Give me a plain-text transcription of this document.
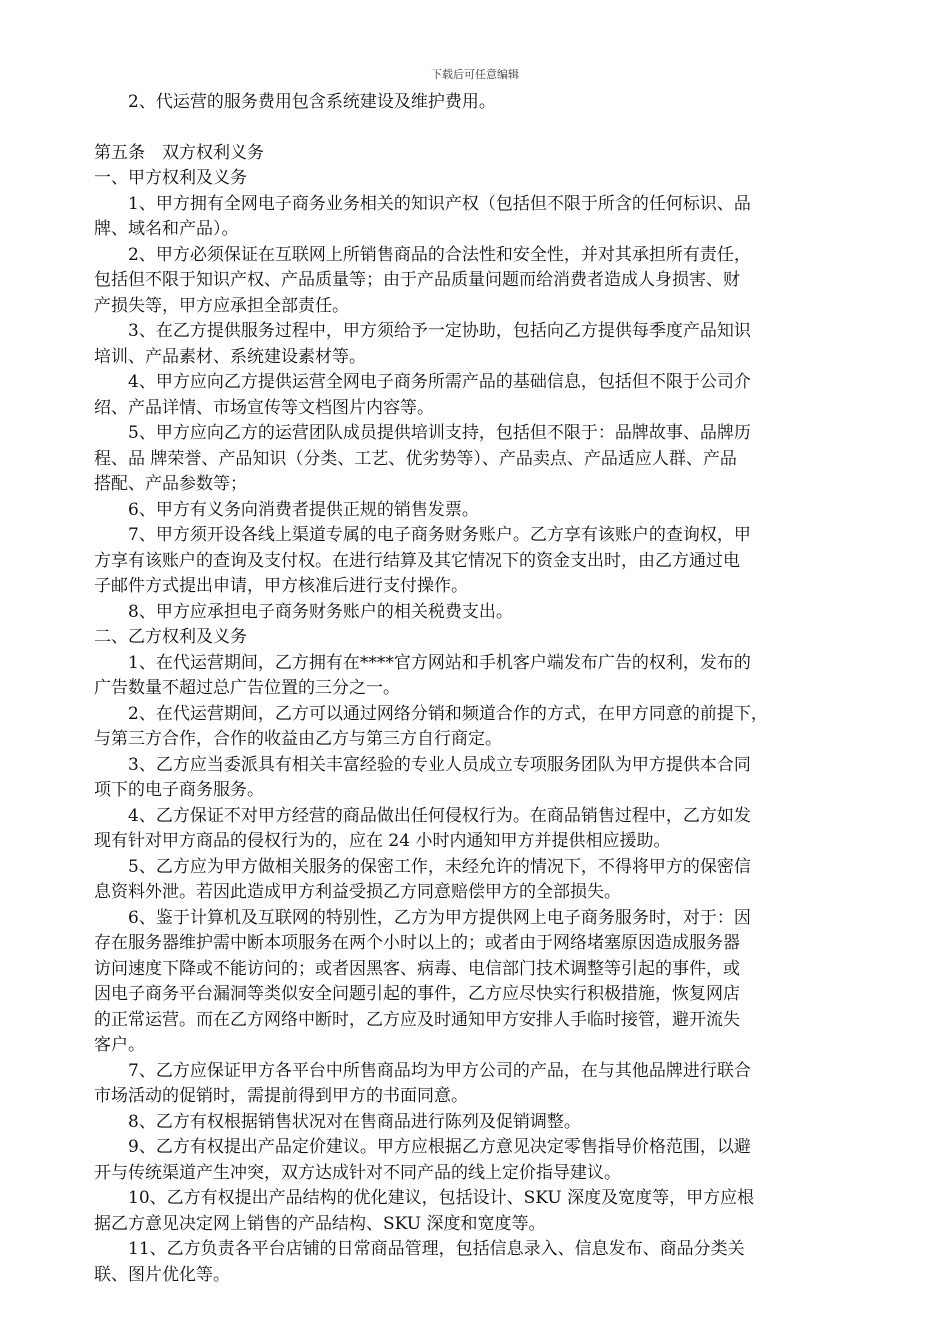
下载后可任意编辑
　　2、代运营的服务费用包含系统建设及维护费用。
第五条　双方权利义务
一、甲方权利及义务
　　1、甲方拥有全网电子商务业务相关的知识产权（包括但不限于所含的任何标识、品
牌、域名和产品）。
　　2、甲方必须保证在互联网上所销售商品的合法性和安全性，并对其承担所有责任，
包括但不限于知识产权、产品质量等；由于产品质量问题而给消费者造成人身损害、财
产损失等，甲方应承担全部责任。
　　3、在乙方提供服务过程中，甲方须给予一定协助，包括向乙方提供每季度产品知识
培训、产品素材、系统建设素材等。
　　4、甲方应向乙方提供运营全网电子商务所需产品的基础信息，包括但不限于公司介
绍、产品详情、市场宣传等文档图片内容等。
　　5、甲方应向乙方的运营团队成员提供培训支持，包括但不限于：品牌故事、品牌历
程、品 牌荣誉、产品知识（分类、工艺、优劣势等）、产品卖点、产品适应人群、产品
搭配、产品参数等；
　　6、甲方有义务向消费者提供正规的销售发票。
　　7、甲方须开设各线上渠道专属的电子商务财务账户。乙方享有该账户的查询权，甲
方享有该账户的查询及支付权。在进行结算及其它情况下的资金支出时，由乙方通过电
子邮件方式提出申请，甲方核准后进行支付操作。
　　8、甲方应承担电子商务财务账户的相关税费支出。
二、乙方权利及义务
　　1、在代运营期间，乙方拥有在****官方网站和手机客户端发布广告的权利，发布的
广告数量不超过总广告位置的三分之一。
　　2、在代运营期间，乙方可以通过网络分销和频道合作的方式，在甲方同意的前提下，
与第三方合作，合作的收益由乙方与第三方自行商定。
　　3、乙方应当委派具有相关丰富经验的专业人员成立专项服务团队为甲方提供本合同
项下的电子商务服务。
　　4、乙方保证不对甲方经营的商品做出任何侵权行为。在商品销售过程中，乙方如发
现有针对甲方商品的侵权行为的，应在 24 小时内通知甲方并提供相应援助。
　　5、乙方应为甲方做相关服务的保密工作，未经允许的情况下，不得将甲方的保密信
息资料外泄。若因此造成甲方利益受损乙方同意赔偿甲方的全部损失。
　　6、鉴于计算机及互联网的特别性，乙方为甲方提供网上电子商务服务时，对于：因
存在服务器维护需中断本项服务在两个小时以上的；或者由于网络堵塞原因造成服务器
访问速度下降或不能访问的；或者因黑客、病毒、电信部门技术调整等引起的事件，或
因电子商务平台漏洞等类似安全问题引起的事件，乙方应尽快实行积极措施，恢复网店
的正常运营。而在乙方网络中断时，乙方应及时通知甲方安排人手临时接管，避开流失
客户。
　　7、乙方应保证甲方各平台中所售商品均为甲方公司的产品，在与其他品牌进行联合
市场活动的促销时，需提前得到甲方的书面同意。
　　8、乙方有权根据销售状况对在售商品进行陈列及促销调整。
　　9、乙方有权提出产品定价建议。甲方应根据乙方意见决定零售指导价格范围，以避
开与传统渠道产生冲突，双方达成针对不同产品的线上定价指导建议。
　　10、乙方有权提出产品结构的优化建议，包括设计、SKU 深度及宽度等，甲方应根
据乙方意见决定网上销售的产品结构、SKU 深度和宽度等。
　　11、乙方负责各平台店铺的日常商品管理，包括信息录入、信息发布、商品分类关
联、图片优化等。
